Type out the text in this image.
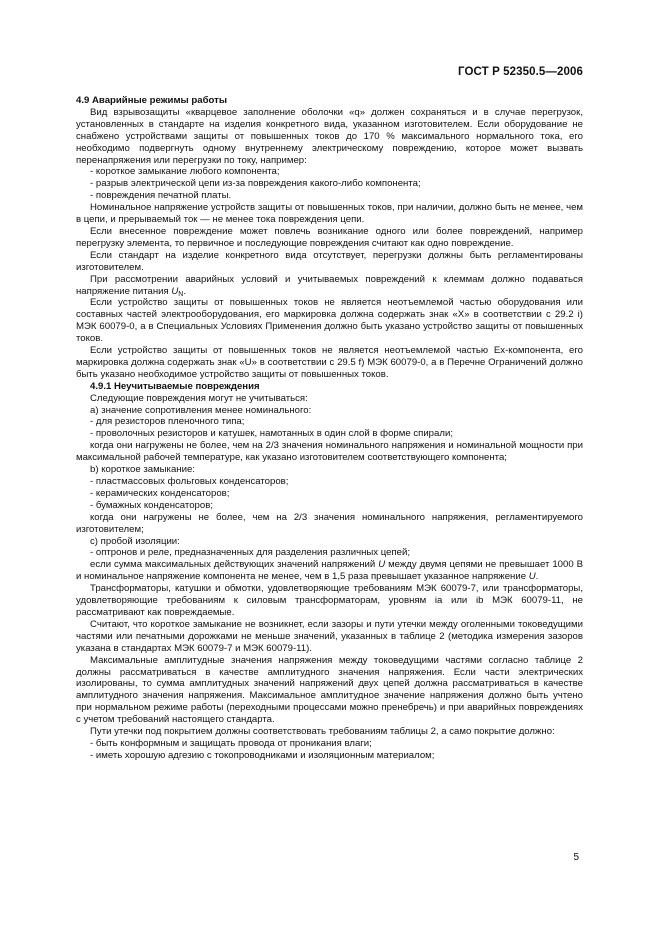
ГОСТ Р 52350.5—2006

4.9 Аварийные режимы работы

Вид взрывозащиты «кварцевое заполнение оболочки «q» должен сохраняться и в случае перегрузок, установленных в стандарте на изделия конкретного вида, указанном изготовителем. Если оборудование не снабжено устройствами защиты от повышенных токов до 170 % максимального нормального тока, его необходимо подвергнуть одному внутреннему электрическому повреждению, которое может вызвать перенапряжения или перегрузки по току, например:

- короткое замыкание любого компонента;

- разрыв электрической цепи из-за повреждения какого-либо компонента;

- повреждения печатной платы.

Номинальное напряжение устройств защиты от повышенных токов, при наличии, должно быть не менее, чем в цепи, и прерываемый ток — не менее тока повреждения цепи.

Если внесенное повреждение может повлечь возникание одного или более повреждений, например перегрузку элемента, то первичное и последующие повреждения считают как одно повреждение.

Если стандарт на изделие конкретного вида отсутствует, перегрузки должны быть регламентированы изготовителем.

При рассмотрении аварийных условий и учитываемых повреждений к клеммам должно подаваться напряжение питания $U_N$.

Если устройство защиты от повышенных токов не является неотъемлемой частью оборудования или составных частей электрооборудования, его маркировка должна содержать знак «X» в соответствии с 29.2 i) МЭК 60079-0, а в Специальных Условиях Применения должно быть указано устройство защиты от повышенных токов.

Если устройство защиты от повышенных токов не является неотъемлемой частью Ex-компонента, его маркировка должна содержать знак «U» в соответствии с 29.5 f) МЭК 60079-0, а в Перечне Ограничений должно быть указано необходимое устройство защиты от повышенных токов.

4.9.1 Неучитываемые повреждения

Следующие повреждения могут не учитываться:

a) значение сопротивления менее номинального:

- для резисторов пленочного типа;

- проволочных резисторов и катушек, намотанных в один слой в форме спирали;

когда они нагружены не более, чем на 2/3 значения номинального напряжения и номинальной мощности при максимальной рабочей температуре, как указано изготовителем соответствующего компонента;

b) короткое замыкание:

- пластмассовых фольговых конденсаторов;

- керамических конденсаторов;

- бумажных конденсаторов;

когда они нагружены не более, чем на 2/3 значения номинального напряжения, регламентируемого изготовителем;

c) пробой изоляции:

- оптронов и реле, предназначенных для разделения различных цепей;

если сумма максимальных действующих значений напряжений U между двумя цепями не превышает 1000 В и номинальное напряжение компонента не менее, чем в 1,5 раза превышает указанное напряжение U.

Трансформаторы, катушки и обмотки, удовлетворяющие требованиям МЭК 60079-7, или трансформаторы, удовлетворяющие требованиям к силовым трансформаторам, уровням ia или ib МЭК 60079-11, не рассматривают как повреждаемые.

Считают, что короткое замыкание не возникнет, если зазоры и пути утечки между оголенными токоведущими частями или печатными дорожками не меньше значений, указанных в таблице 2 (методика измерения зазоров указана в стандартах МЭК 60079-7 и МЭК 60079-11).

Максимальные амплитудные значения напряжения между токоведущими частями согласно таблице 2 должны рассматриваться в качестве амплитудного значения напряжения. Если части электрических изолированы, то сумма амплитудных значений напряжений двух цепей должна рассматриваться в качестве амплитудного значения напряжения. Максимальное амплитудное значение напряжения должно быть учтено при нормальном режиме работы (переходными процессами можно пренебречь) и при аварийных повреждениях с учетом требований настоящего стандарта.

Пути утечки под покрытием должны соответствовать требованиям таблицы 2, а само покрытие должно:

- быть конформным и защищать провода от проникания влаги;

- иметь хорошую адгезию с токопроводниками и изоляционным материалом;

5
